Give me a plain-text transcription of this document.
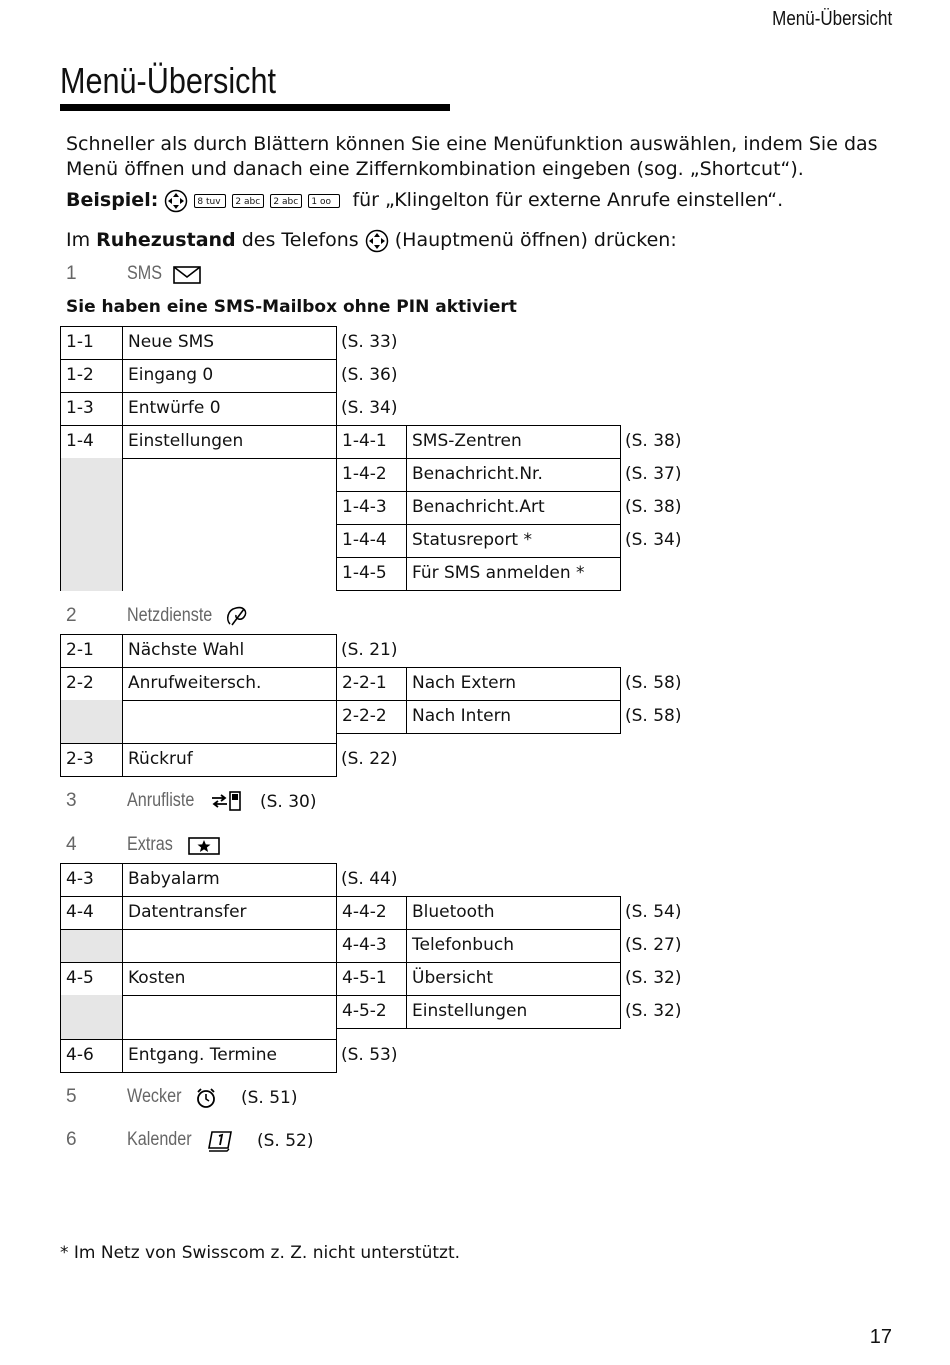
Menü-Übersicht
Menü-Übersicht
Schneller als durch Blättern können Sie eine Menüfunktion auswählen, indem Sie das
Menü öffnen und danach eine Ziffernkombination eingeben (sog. „Shortcut“).
Beispiel:	8 tuv 2 abc 2 abc 1 oo für „Klingelton für externe Anrufe einstellen“.
Im Ruhezustand des Telefons  (Hauptmenü öffnen) drücken:
1	SMS
Sie haben eine SMS-Mailbox ohne PIN aktiviert
1-1	Neue SMS	(S. 33)
1-2	Eingang 0	(S. 36)
1-3	Entwürfe 0	(S. 34)
1-4	Einstellungen	1-4-1	SMS-Zentren	(S. 38)
1-4-2	Benachricht.Nr.	(S. 37)
1-4-3	Benachricht.Art	(S. 38)
1-4-4	Statusreport *	(S. 34)
1-4-5	Für SMS anmelden *
2	Netzdienste
2-1	Nächste Wahl	(S. 21)
2-2	Anrufweitersch.	2-2-1	Nach Extern	(S. 58)
2-2-2	Nach Intern	(S. 58)
2-3	Rückruf	(S. 22)
3	Anrufliste	(S. 30)
4	Extras
4-3	Babyalarm	(S. 44)
4-4	Datentransfer	4-4-2	Bluetooth	(S. 54)
4-4-3	Telefonbuch	(S. 27)
4-5	Kosten	4-5-1	Übersicht	(S. 32)
4-5-2	Einstellungen	(S. 32)
4-6	Entgang. Termine	(S. 53)
5	Wecker	(S. 51)
6	Kalender	(S. 52)
* Im Netz von Swisscom z. Z. nicht unterstützt.
17
